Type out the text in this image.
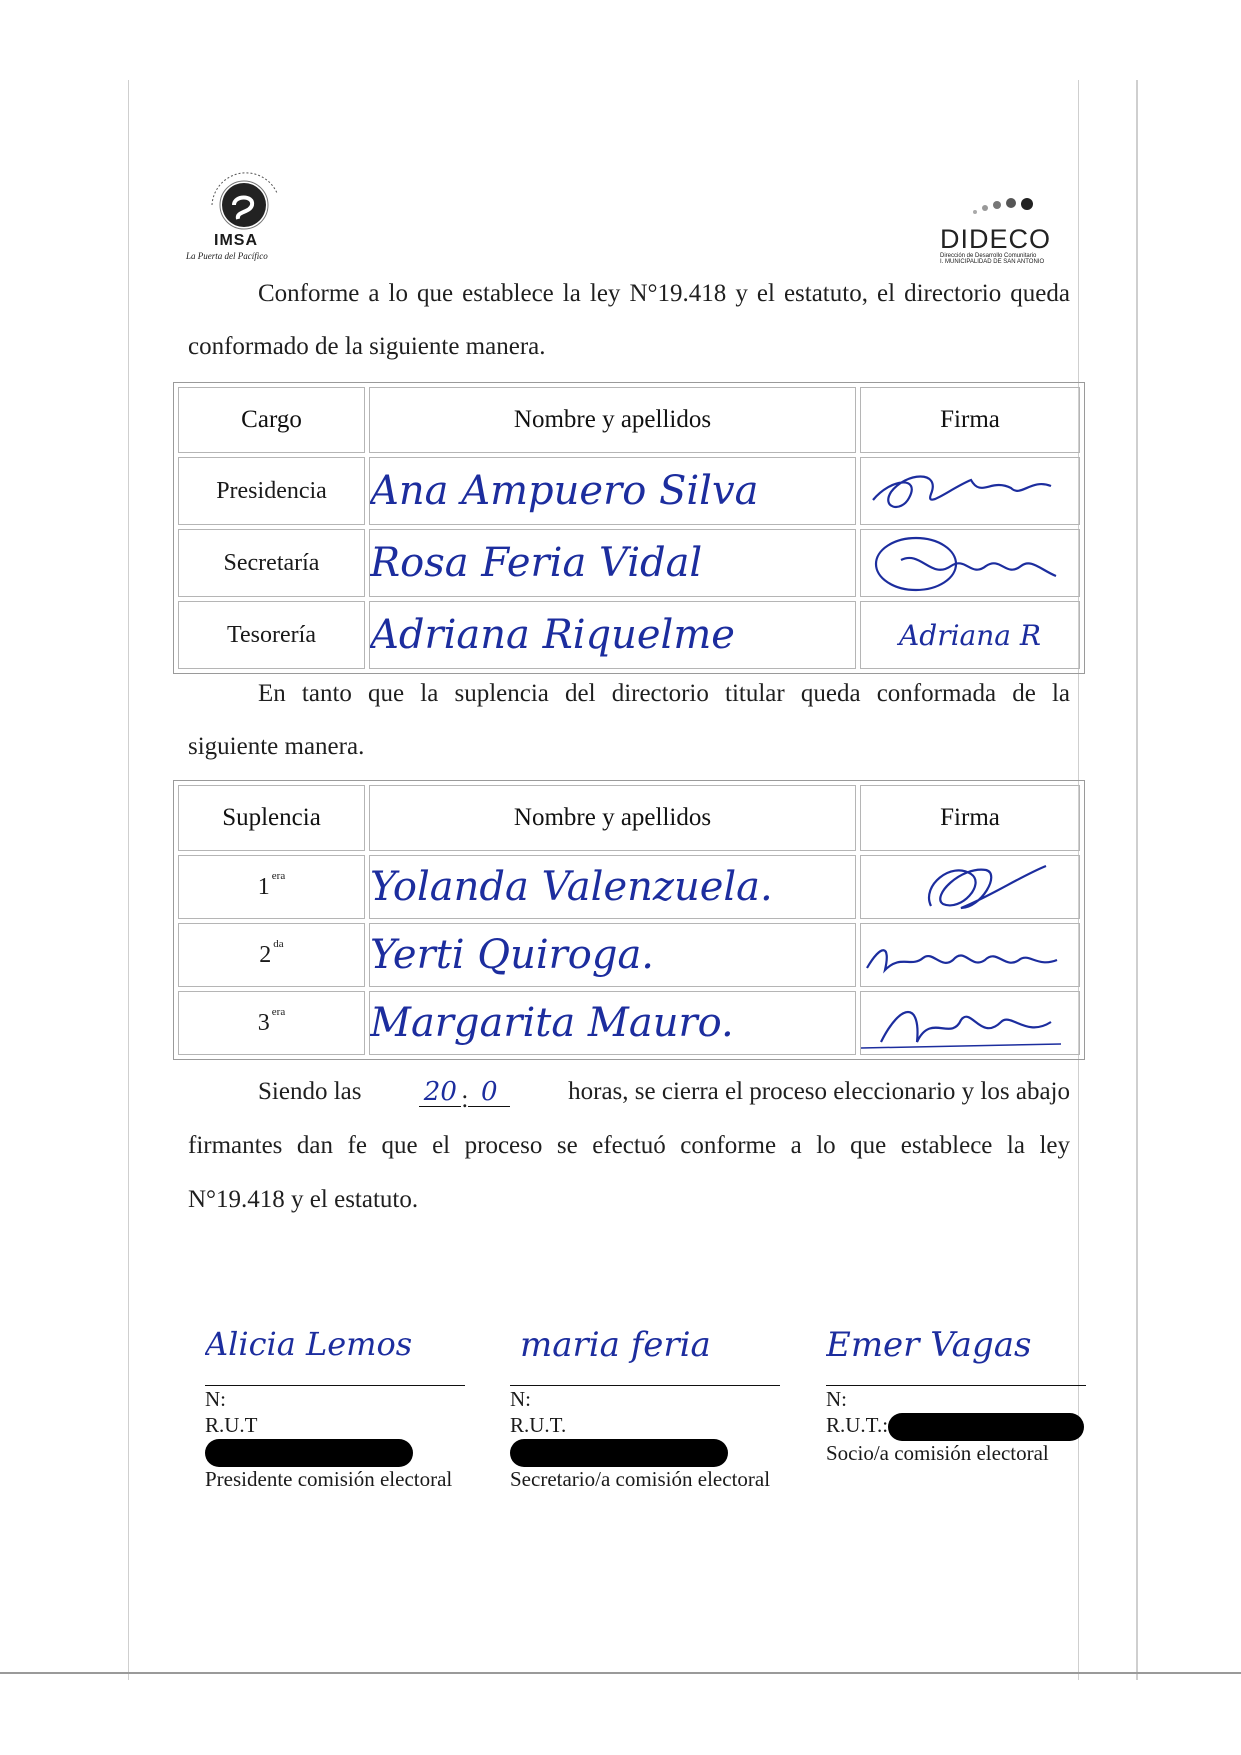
IMSA
La Puerta del Pacífico
DIDECO
Dirección de Desarrollo Comunitario
I. MUNICIPALIDAD DE SAN ANTONIO
Conforme a lo que establece la ley N°19.418 y el estatuto, el directorio queda
conformado de la siguiente manera.
Cargo	Nombre y apellidos	Firma
Presidencia	Ana Ampuero Silva	

Secretaría	Rosa Feria Vidal	

Tesorería	Adriana Riquelme	Adriana R
En tanto que la suplencia del directorio titular queda conformada de la
siguiente manera.
Suplencia	Nombre y apellidos	Firma
1 $^{era}$	Yolanda Valenzuela.	

2 $^{da}$	Yerti Quiroga.	

3 $^{era}$	Margarita Mauro.	
Siendo las 20 : 0	horas, se cierra el proceso eleccionario y los abajo
firmantes dan fe que el proceso se efectuó conforme a lo que establece la ley
N°19.418 y el estatuto.
Alicia Lemos
N:
R.U.T
Presidente comisión electoral
maria feria
N:
R.U.T.
Secretario/a comisión electoral
Emer Vagas
N:
R.U.T.:
Socio/a comisión electoral
